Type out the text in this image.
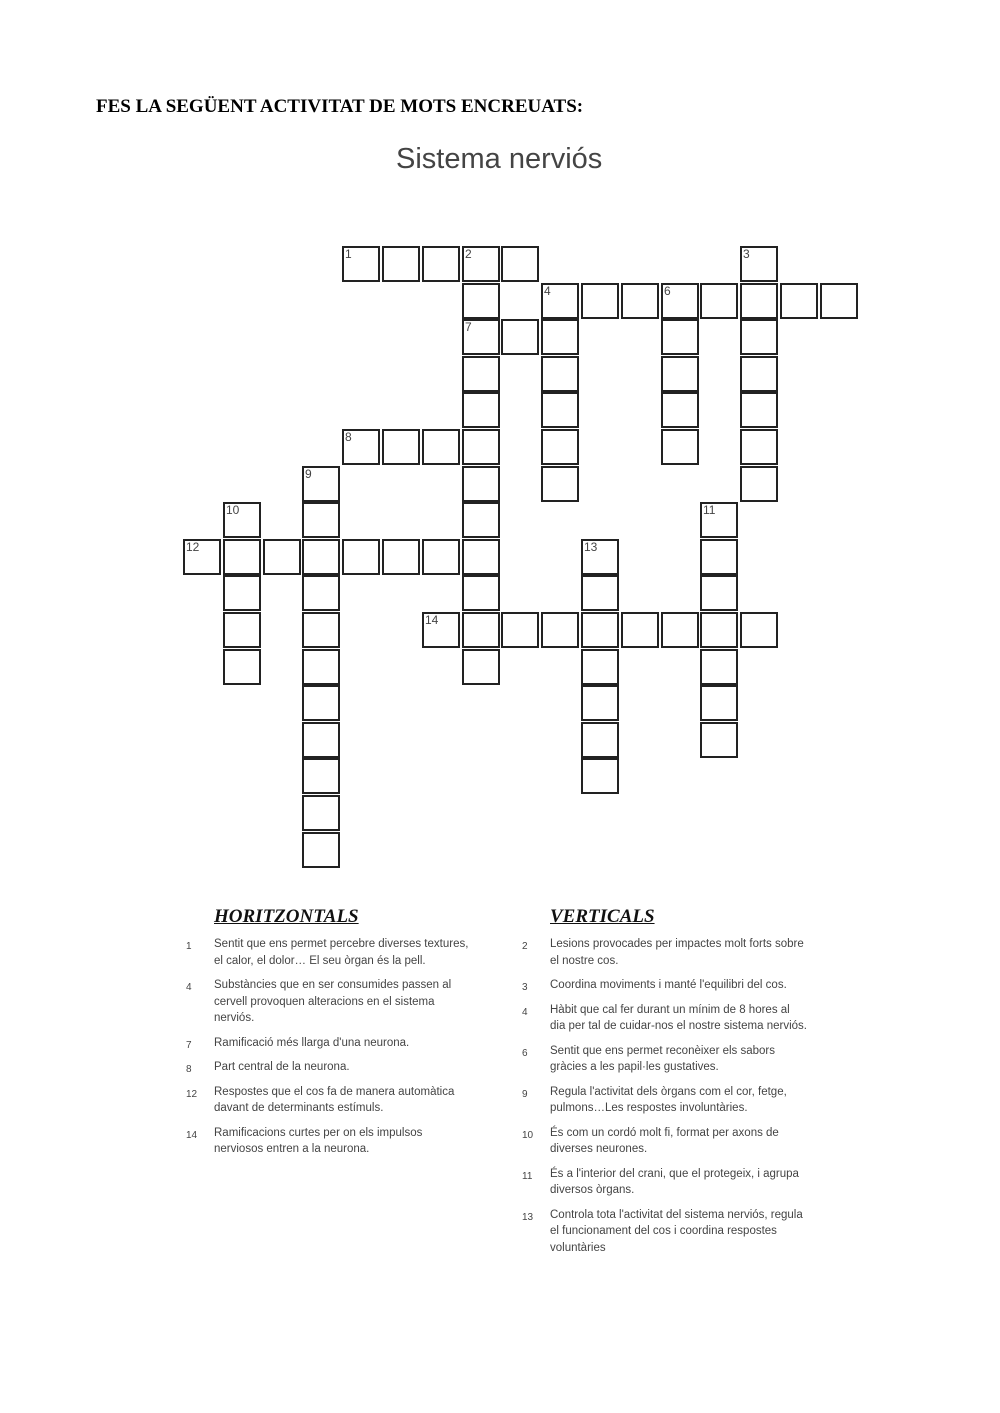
FES LA SEGÜENT ACTIVITAT DE MOTS ENCREUATS:
Sistema nerviós
1	2	3
4	6
7
8
9
10	11
12	13
14
HORITZONTALS
1	Sentit que ens permet percebre diverses textures, el calor, el dolor… El seu òrgan és la pell.
4	Substàncies que en ser consumides passen al cervell provoquen alteracions en el sistema nerviós.
7	Ramificació més llarga d'una neurona.
8	Part central de la neurona.
12	Respostes que el cos fa de manera automàtica davant de determinants estímuls.
14	Ramificacions curtes per on els impulsos nerviosos entren a la neurona.
VERTICALS
2	Lesions provocades per impactes molt forts sobre el nostre cos.
3	Coordina moviments i manté l'equilibri del cos.
4	Hàbit que cal fer durant un mínim de 8 hores al dia per tal de cuidar-nos el nostre sistema nerviós.
6	Sentit que ens permet reconèixer els sabors gràcies a les papil·les gustatives.
9	Regula l'activitat dels òrgans com el cor, fetge, pulmons…Les respostes involuntàries.
10	És com un cordó molt fi, format per axons de diverses neurones.
11	És a l'interior del crani, que el protegeix, i agrupa diversos òrgans.
13	Controla tota l'activitat del sistema nerviós, regula el funcionament del cos i coordina respostes voluntàries
